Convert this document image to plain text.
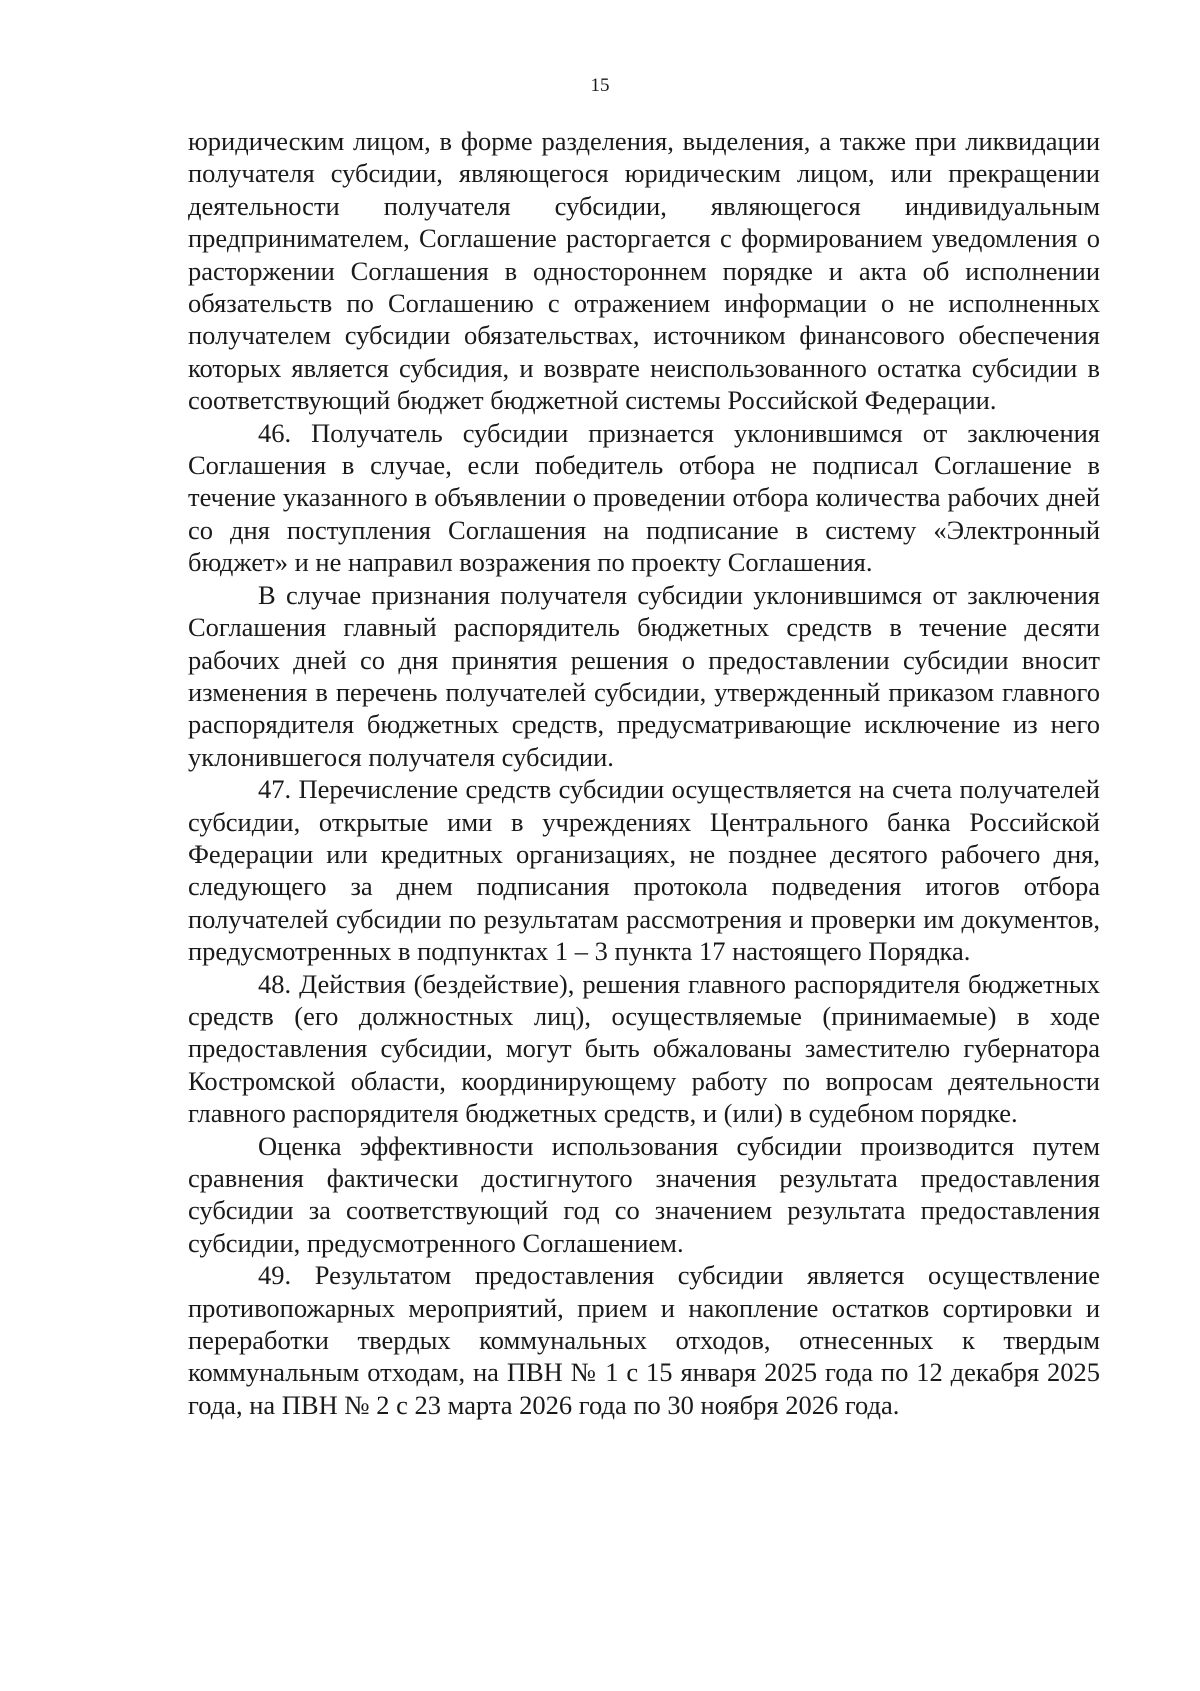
15

юридическим лицом, в форме разделения, выделения, а также при ликвидации получателя субсидии, являющегося юридическим лицом, или прекращении деятельности получателя субсидии, являющегося индивидуальным предпринимателем, Соглашение расторгается с формированием уведомления о расторжении Соглашения в одностороннем порядке и акта об исполнении обязательств по Соглашению с отражением информации о не исполненных получателем субсидии обязательствах, источником финансового обеспечения которых является субсидия, и возврате неиспользованного остатка субсидии в соответствующий бюджет бюджетной системы Российской Федерации.

46. Получатель субсидии признается уклонившимся от заключения Соглашения в случае, если победитель отбора не подписал Соглашение в течение указанного в объявлении о проведении отбора количества рабочих дней со дня поступления Соглашения на подписание в систему «Электронный бюджет» и не направил возражения по проекту Соглашения.

В случае признания получателя субсидии уклонившимся от заключения Соглашения главный распорядитель бюджетных средств в течение десяти рабочих дней со дня принятия решения о предоставлении субсидии вносит изменения в перечень получателей субсидии, утвержденный приказом главного распорядителя бюджетных средств, предусматривающие исключение из него уклонившегося получателя субсидии.

47. Перечисление средств субсидии осуществляется на счета получателей субсидии, открытые ими в учреждениях Центрального банка Российской Федерации или кредитных организациях, не позднее десятого рабочего дня, следующего за днем подписания протокола подведения итогов отбора получателей субсидии по результатам рассмотрения и проверки им документов, предусмотренных в подпунктах 1 – 3 пункта 17 настоящего Порядка.

48. Действия (бездействие), решения главного распорядителя бюджетных средств (его должностных лиц), осуществляемые (принимаемые) в ходе предоставления субсидии, могут быть обжалованы заместителю губернатора Костромской области, координирующему работу по вопросам деятельности главного распорядителя бюджетных средств, и (или) в судебном порядке.

Оценка эффективности использования субсидии производится путем сравнения фактически достигнутого значения результата предоставления субсидии за соответствующий год со значением результата предоставления субсидии, предусмотренного Соглашением.

49. Результатом предоставления субсидии является осуществление противопожарных мероприятий, прием и накопление остатков сортировки и переработки твердых коммунальных отходов, отнесенных к твердым коммунальным отходам, на ПВН № 1 с 15 января 2025 года по 12 декабря 2025 года, на ПВН № 2 с 23 марта 2026 года по 30 ноября 2026 года.
